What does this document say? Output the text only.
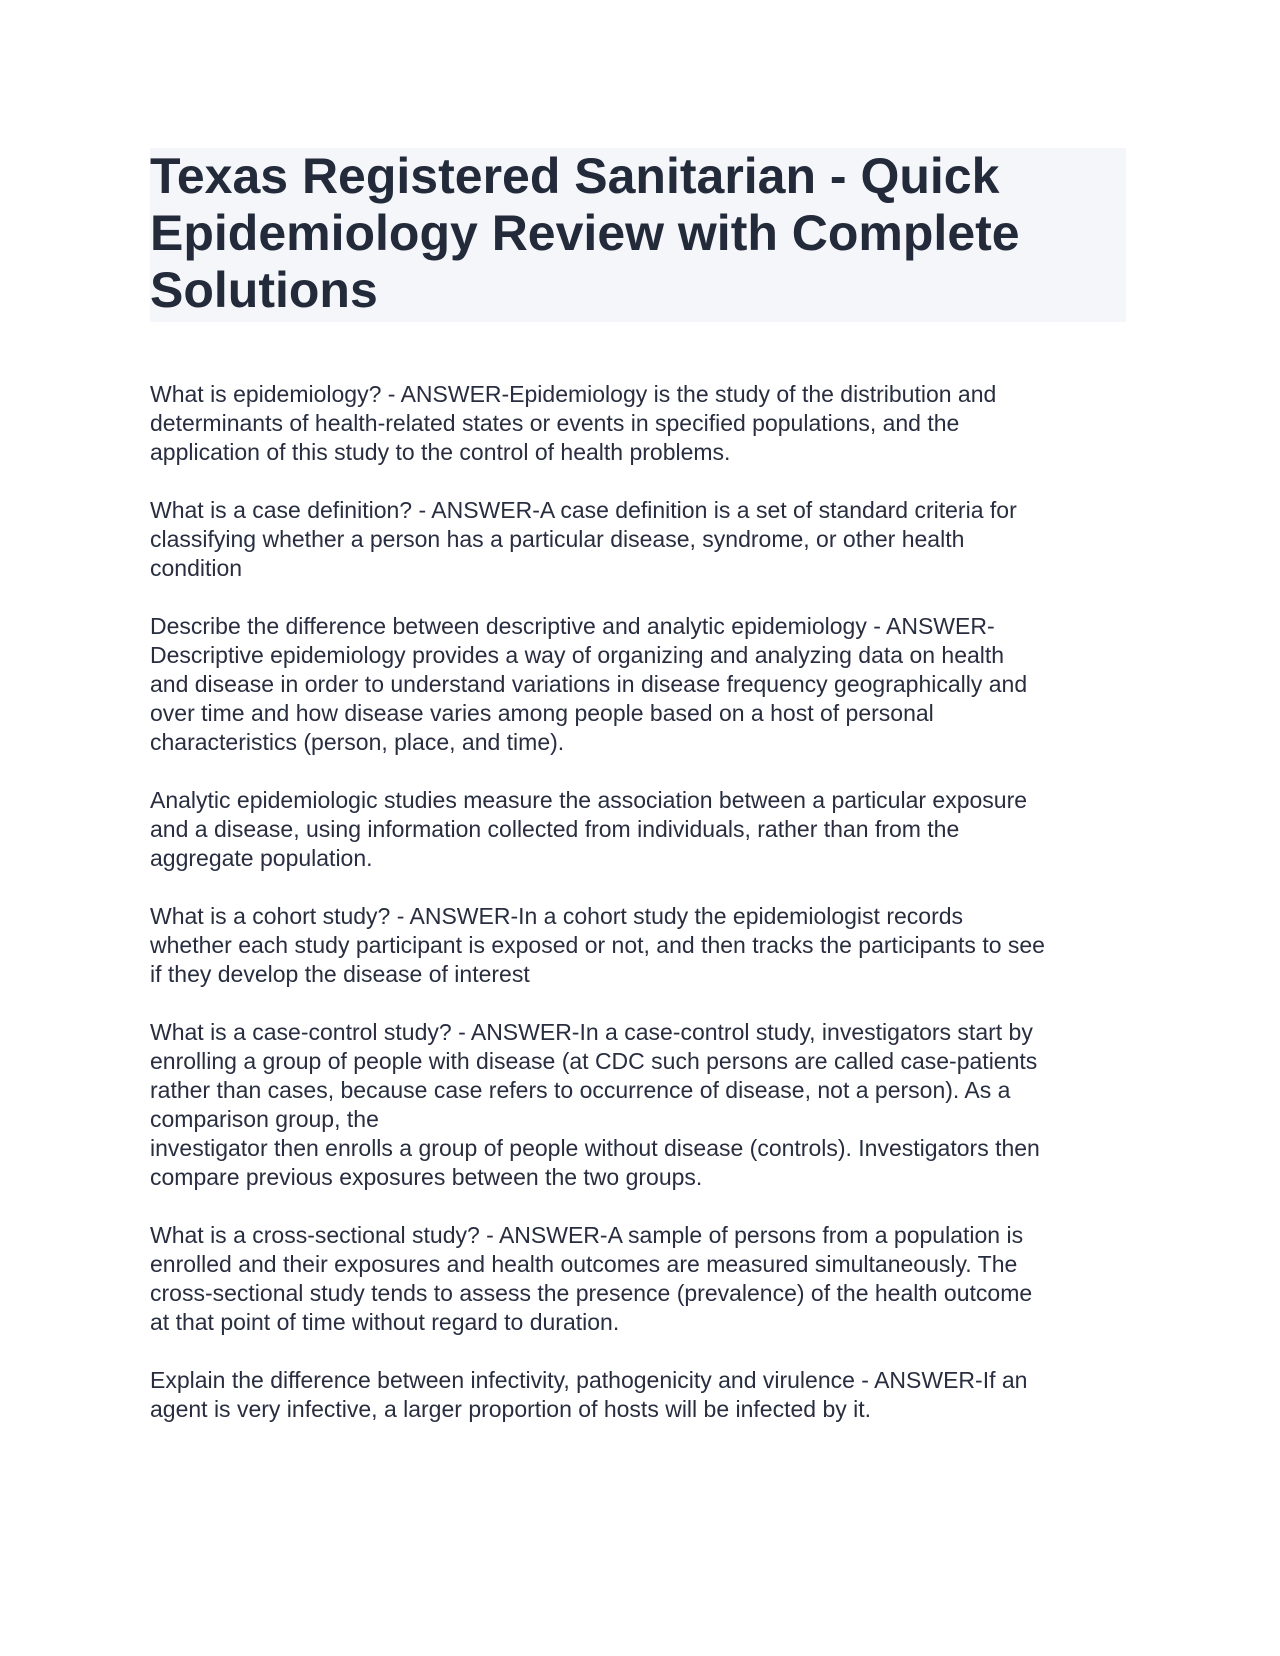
Texas Registered Sanitarian - Quick
Epidemiology Review with Complete
Solutions

What is epidemiology? - ANSWER-Epidemiology is the study of the distribution and
determinants of health-related states or events in specified populations, and the
application of this study to the control of health problems.

What is a case definition? - ANSWER-A case definition is a set of standard criteria for
classifying whether a person has a particular disease, syndrome, or other health
condition

Describe the difference between descriptive and analytic epidemiology - ANSWER-
Descriptive epidemiology provides a way of organizing and analyzing data on health
and disease in order to understand variations in disease frequency geographically and
over time and how disease varies among people based on a host of personal
characteristics (person, place, and time).

Analytic epidemiologic studies measure the association between a particular exposure
and a disease, using information collected from individuals, rather than from the
aggregate population.

What is a cohort study? - ANSWER-In a cohort study the epidemiologist records
whether each study participant is exposed or not, and then tracks the participants to see
if they develop the disease of interest

What is a case-control study? - ANSWER-In a case-control study, investigators start by
enrolling a group of people with disease (at CDC such persons are called case-patients
rather than cases, because case refers to occurrence of disease, not a person). As a
comparison group, the
investigator then enrolls a group of people without disease (controls). Investigators then
compare previous exposures between the two groups.

What is a cross-sectional study? - ANSWER-A sample of persons from a population is
enrolled and their exposures and health outcomes are measured simultaneously. The
cross-sectional study tends to assess the presence (prevalence) of the health outcome
at that point of time without regard to duration.

Explain the difference between infectivity, pathogenicity and virulence - ANSWER-If an
agent is very infective, a larger proportion of hosts will be infected by it.
